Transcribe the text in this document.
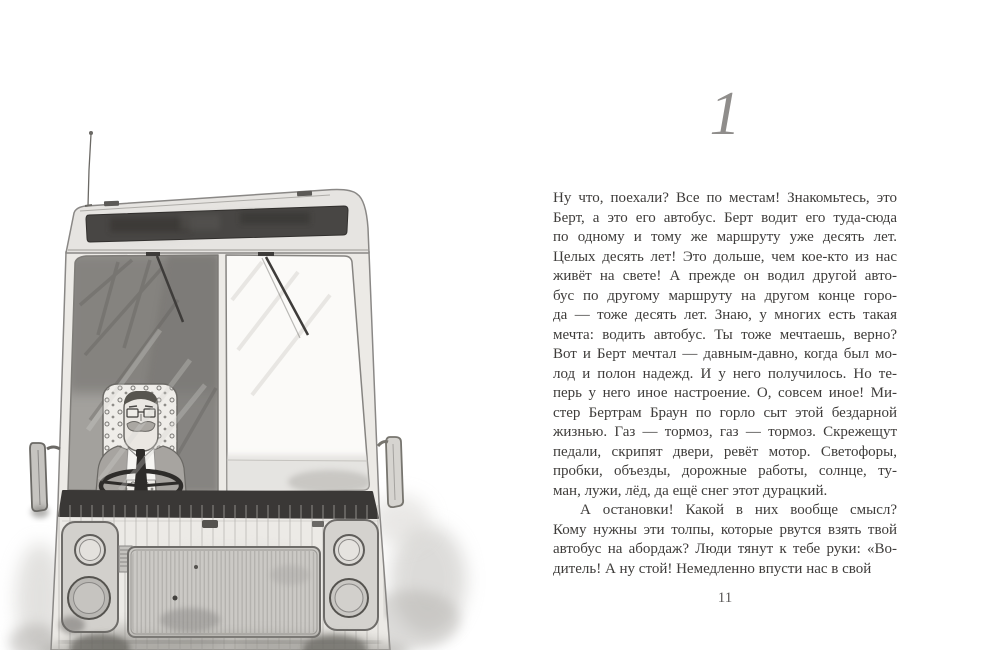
1
Ну что, поехали? Все по местам! Знакомьтесь, это
Берт, а это его автобус. Берт водит его туда-сюда
по одному и тому же маршруту уже десять лет.
Целых десять лет! Это дольше, чем кое-кто из нас
живёт на свете! А прежде он водил другой авто-
бус по другому маршруту на другом конце горо-
да — тоже десять лет. Знаю, у многих есть такая
мечта: водить автобус. Ты тоже мечтаешь, верно?
Вот и Берт мечтал — давным-давно, когда был мо-
лод и полон надежд. И у него получилось. Но те-
перь у него иное настроение. О, совсем иное! Ми-
стер Бертрам Браун по горло сыт этой бездарной
жизнью. Газ — тормоз, газ — тормоз. Скрежещут
педали, скрипят двери, ревёт мотор. Светофоры,
пробки, объезды, дорожные работы, солнце, ту-
ман, лужи, лёд, да ещё снег этот дурацкий.
А остановки! Какой в них вообще смысл?
Кому нужны эти толпы, которые рвутся взять твой
автобус на абордаж? Люди тянут к тебе руки: «Во-
дитель! А ну стой! Немедленно впусти нас в свой
11
